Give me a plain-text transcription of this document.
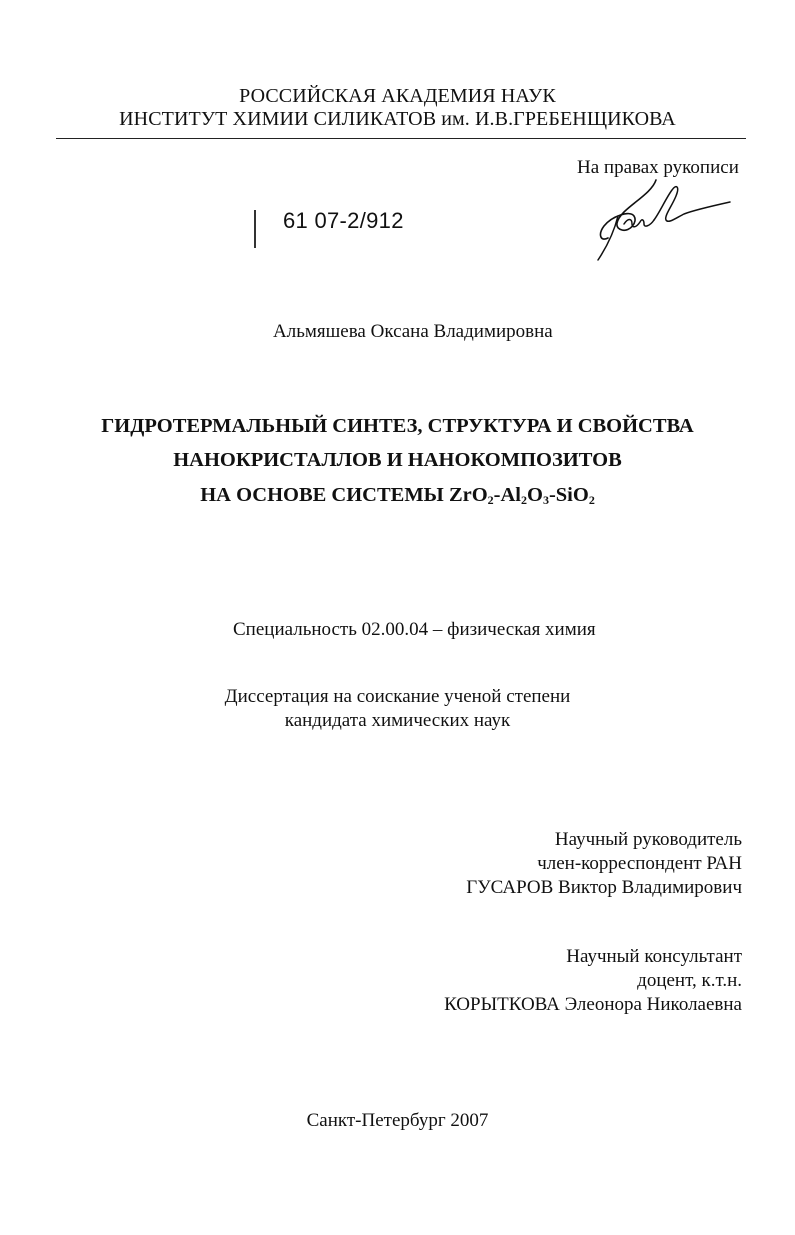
РОССИЙСКАЯ АКАДЕМИЯ НАУК
ИНСТИТУТ ХИМИИ СИЛИКАТОВ им. И.В.ГРЕБЕНЩИКОВА
На правах рукописи
61 07-2/912
Альмяшева Оксана Владимировна
ГИДРОТЕРМАЛЬНЫЙ СИНТЕЗ, СТРУКТУРА И СВОЙСТВА
НАНОКРИСТАЛЛОВ И НАНОКОМПОЗИТОВ
НА ОСНОВЕ СИСТЕМЫ $ZrO_2-Al_2O_3-SiO_2$
Специальность 02.00.04 – физическая химия
Диссертация на соискание ученой степени
кандидата химических наук
Научный руководитель
член-корреспондент РАН
ГУСАРОВ Виктор Владимирович
Научный консультант
доцент, к.т.н.
КОРЫТКОВА Элеонора Николаевна
Санкт-Петербург 2007
